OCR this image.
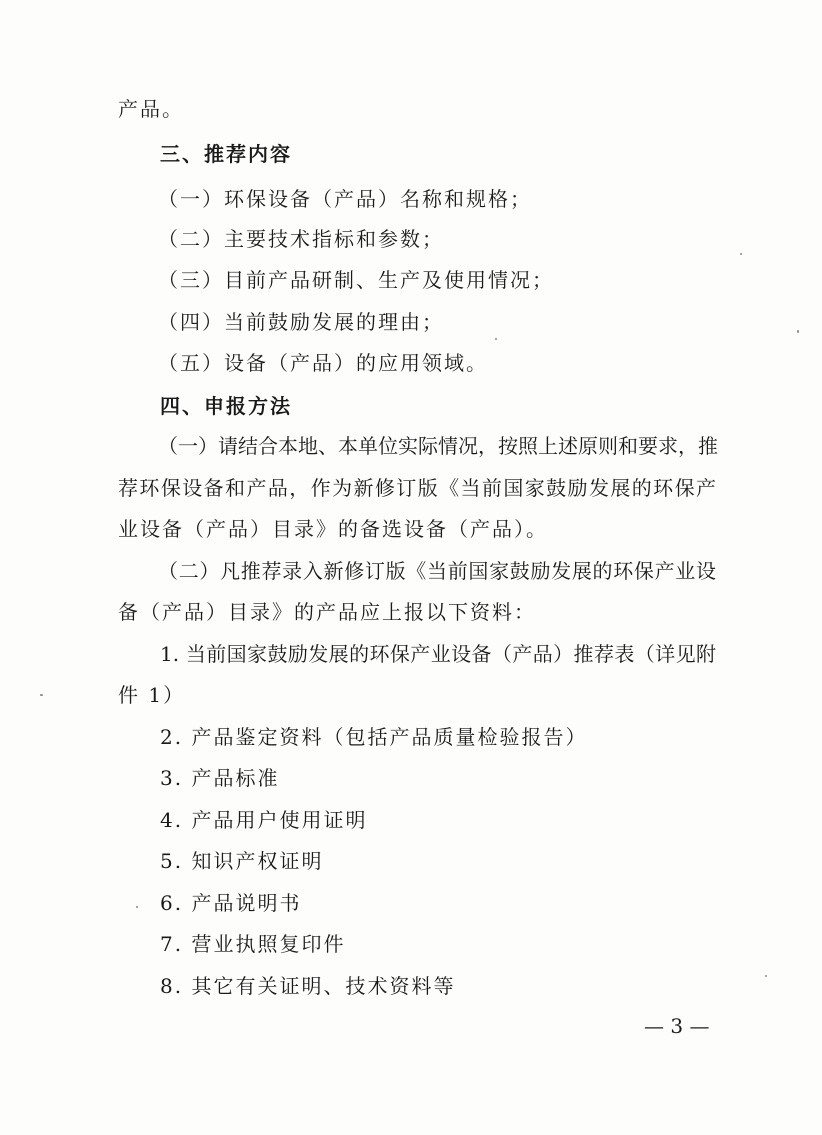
产品。
三、推荐内容
（一）环保设备（产品）名称和规格；
（二）主要技术指标和参数；
（三）目前产品研制、生产及使用情况；
（四）当前鼓励发展的理由；
（五）设备（产品）的应用领域。
四、申报方法
（一）请结合本地、本单位实际情况，按照上述原则和要求，推
荐环保设备和产品，作为新修订版《当前国家鼓励发展的环保产
业设备（产品）目录》的备选设备（产品）。
（二）凡推荐录入新修订版《当前国家鼓励发展的环保产业设
备（产品）目录》的产品应上报以下资料：
1. 当前国家鼓励发展的环保产业设备（产品）推荐表（详见附
件 1）
2. 产品鉴定资料（包括产品质量检验报告）
3. 产品标准
4. 产品用户使用证明
5. 知识产权证明
6. 产品说明书
7. 营业执照复印件
8. 其它有关证明、技术资料等
— 3 —
